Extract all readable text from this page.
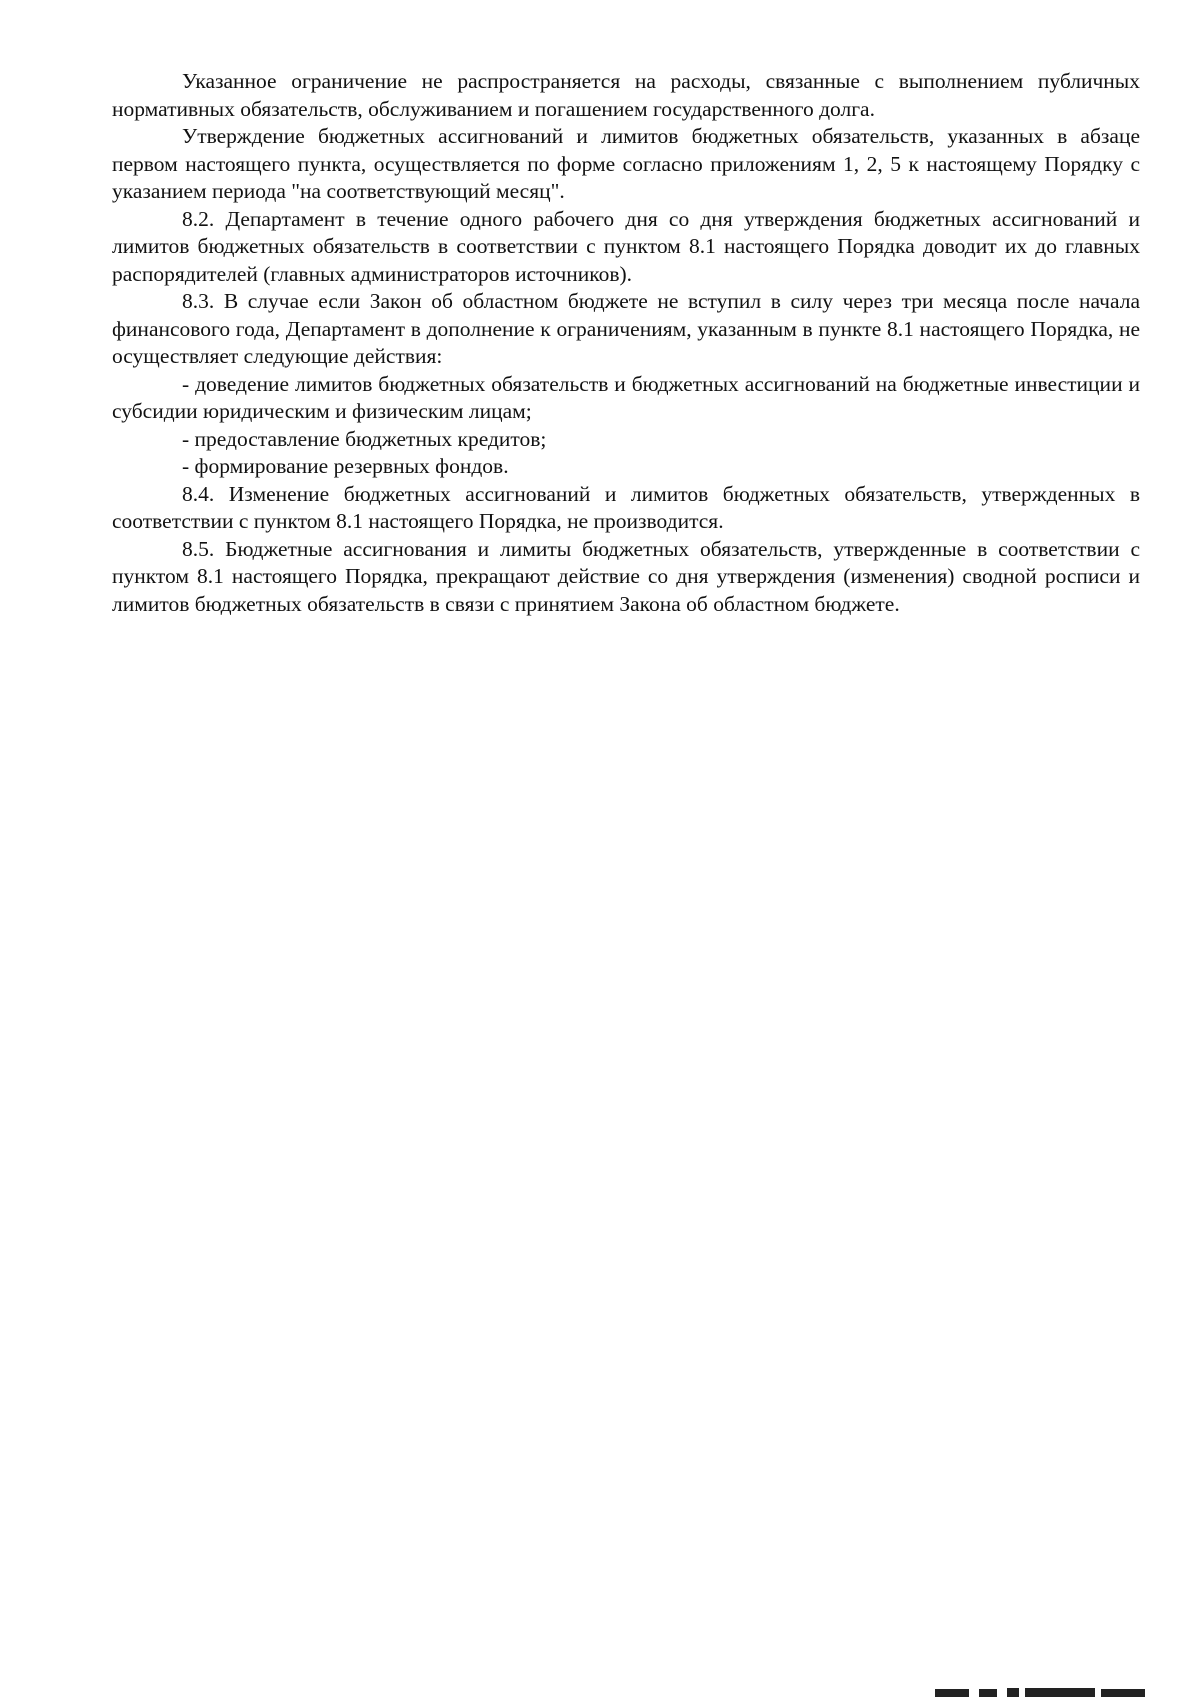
Указанное ограничение не распространяется на расходы, связанные с выполнением публичных нормативных обязательств, обслуживанием и погашением государственного долга.

Утверждение бюджетных ассигнований и лимитов бюджетных обязательств, указанных в абзаце первом настоящего пункта, осуществляется по форме согласно приложениям 1, 2, 5 к настоящему Порядку с указанием периода "на соответствующий месяц".

8.2. Департамент в течение одного рабочего дня со дня утверждения бюджетных ассигнований и лимитов бюджетных обязательств в соответствии с пунктом 8.1 настоящего Порядка доводит их до главных распорядителей (главных администраторов источников).

8.3. В случае если Закон об областном бюджете не вступил в силу через три месяца после начала финансового года, Департамент в дополнение к ограничениям, указанным в пункте 8.1 настоящего Порядка, не осуществляет следующие действия:

- доведение лимитов бюджетных обязательств и бюджетных ассигнований на бюджетные инвестиции и субсидии юридическим и физическим лицам;

- предоставление бюджетных кредитов;

- формирование резервных фондов.

8.4. Изменение бюджетных ассигнований и лимитов бюджетных обязательств, утвержденных в соответствии с пунктом 8.1 настоящего Порядка, не производится.

8.5. Бюджетные ассигнования и лимиты бюджетных обязательств, утвержденные в соответствии с пунктом 8.1 настоящего Порядка, прекращают действие со дня утверждения (изменения) сводной росписи и лимитов бюджетных обязательств в связи с принятием Закона об областном бюджете.
